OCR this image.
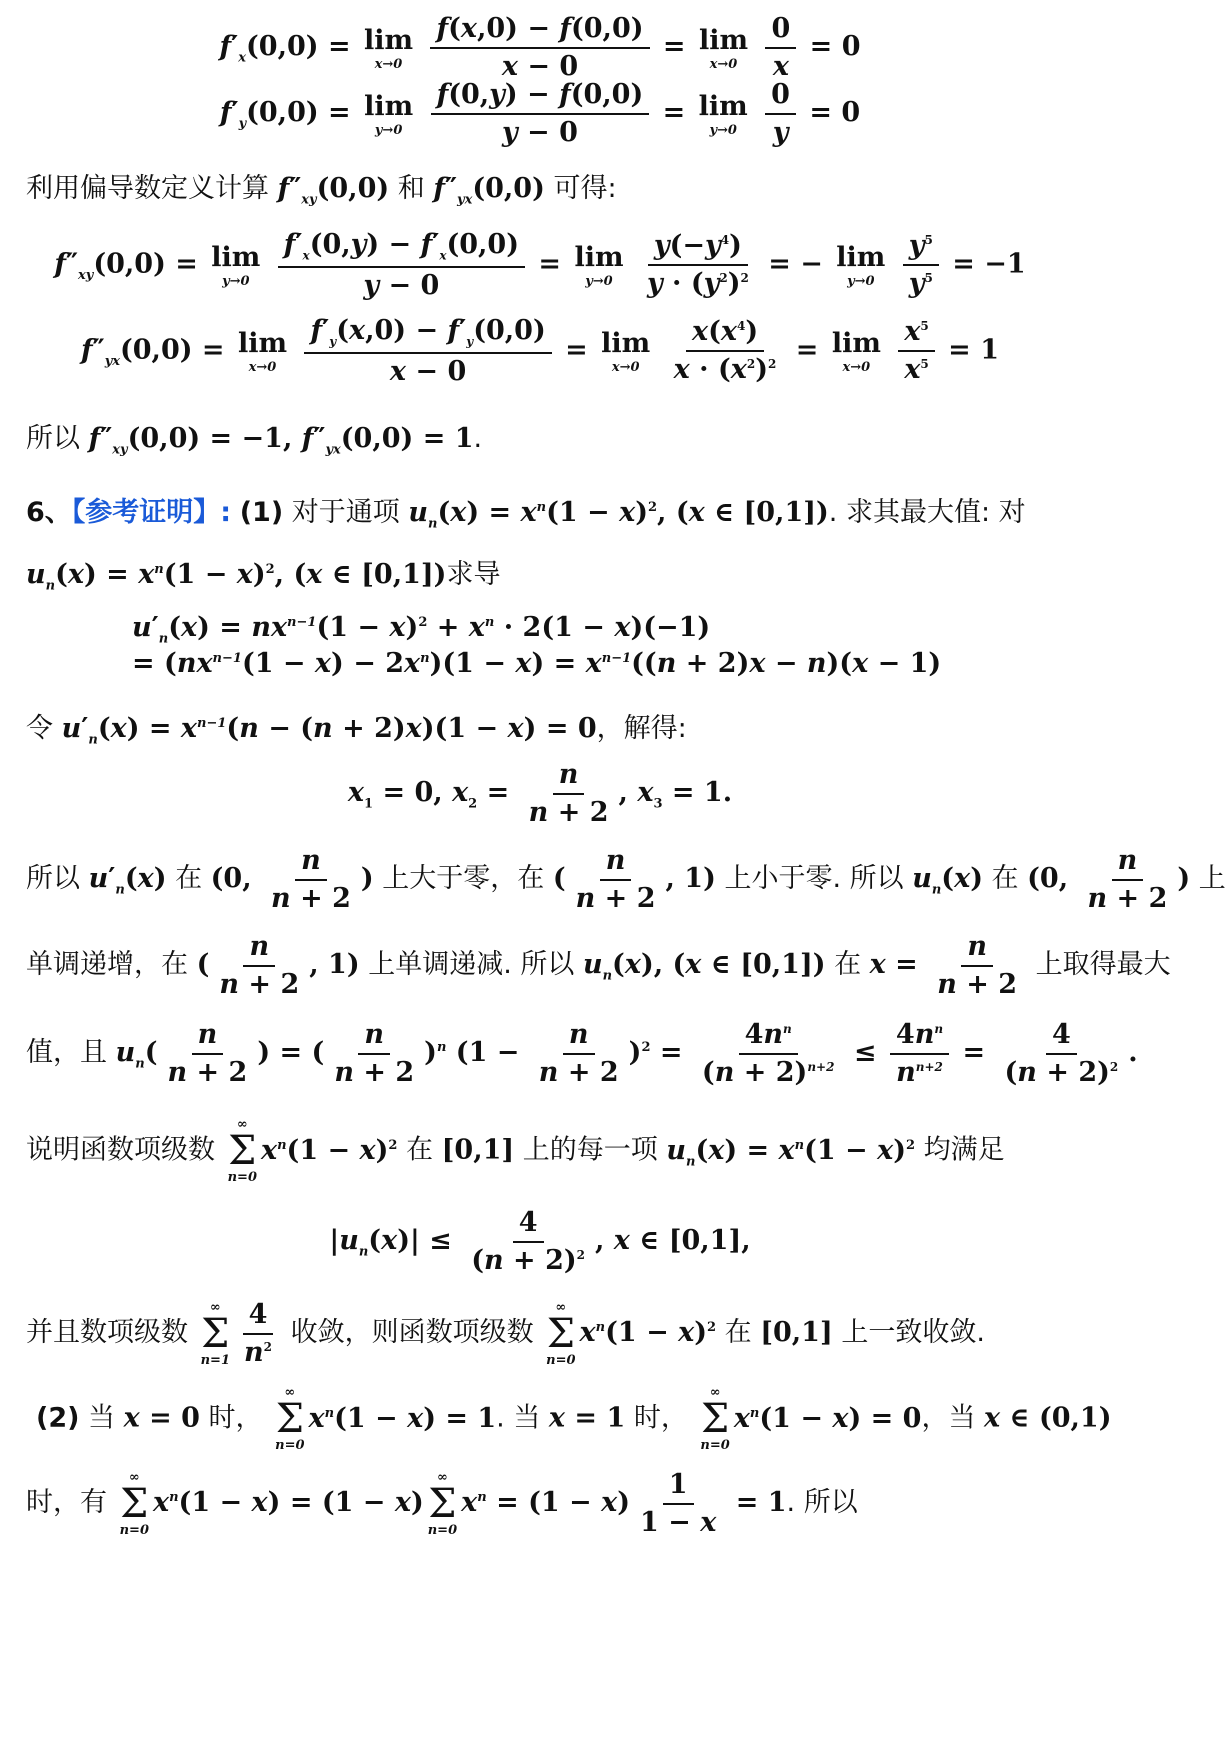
$f'_x(0,0) = \lim$
x→0
$\frac{f(x,0) - f(0,0)}{x - 0} = \lim$
x→0
$\frac{0}{x} = 0$
$f'_y(0,0) = \lim$
y→0
$\frac{f(0,y) - f(0,0)}{y - 0} = \lim$
y→0
$\frac{0}{y} = 0$
利用偏导数定义计算 $f''_{xy}(0,0)$ 和 $f''_{yx}(0,0)$ 可得:
$f''_{xy}(0,0) = \lim$
y→0
$\frac{f'_x(0,y) - f'_x(0,0)}{y - 0} = \lim$
y→0
$\frac{y(-y^4)}{y \cdot (y^2)^2}$ = − lim
y→0
$\frac{y^5}{y^5} = -1$
$f''_{yx}(0,0) = \lim$
x→0
$\frac{f'_y(x,0) - f'_y(0,0)}{x - 0} = \lim$
x→0
$\frac{x(x^4)}{x \cdot (x^2)^2} = \lim$
x→0
$\frac{x^5}{x^5} = 1$
所以 $f''_{xy}(0,0) = -1$, $f''_{yx}(0,0) = 1$.
6、【参考证明】: (1) 对于通项 $u_n(x) = x^n(1 - x)^2$, (x ∈ [0,1]). 求其最大值: 对
$u_n(x) = x^n(1 - x)^2$, (x ∈ [0,1])求导
$u'_n(x) = nx^{n-1}(1 - x)^2 + x^n \cdot 2(1 - x)(-1)$
= $(nx^{n-1}(1 - x) - 2x^n)(1 - x) = x^{n-1}((n + 2)x - n)(x - 1)$
令 $u'_n(x) = x^{n-1}(n - (n + 2)x)(1 - x) = 0$，解得:
$x_1 = 0$, $x_2 = \frac{n}{n + 2}$ , $x_3 = 1$.
所以 $u'_n(x)$ 在 (0, $\frac{n}{n + 2}$ ) 上大于零，在 ( $\frac{n}{n + 2}$ , 1) 上小于零. 所以 $u_n(x)$ 在 (0, $\frac{n}{n + 2}$ ) 上
单调递增，在 ( $\frac{n}{n + 2}$ , 1) 上单调递减. 所以 $u_n(x)$, (x ∈ [0,1]) 在 $x = \frac{n}{n + 2}$ 上取得最大
值，且 $u_n( \frac{n}{n + 2}$ ) = ( $\frac{n}{n + 2} )^n$ $(1 - \frac{n}{n + 2} )^2 = \frac{4n^n}{(n + 2)^{n+2}} \le \frac{4n^n}{n^{n+2}} = \frac{4}{(n + 2)^2}$ .
说明函数项级数
∞
Σ
n=0
$x^n(1 - x)^2$ 在 [0,1] 上的每一项 $u_n(x) = x^n(1 - x)^2$ 均满足
$|u_n(x)| \le \frac{4}{(n + 2)^2}$ , x ∈ [0,1],
并且数项级数
∞
Σ
$n=1 \frac{4}{n^2}$ 收敛，则函数项级数
∞
Σ
n=0
$x^n(1 - x)^2$ 在 [0,1] 上一致收敛.
(2) 当 x = 0 时，
∞
Σ
n=0
$x^n(1 - x) = 1$. 当 x = 1 时，
∞
Σ
n=0
$x^n(1 - x) = 0$，当 x ∈ (0,1)
时，有
∞
Σ
n=0
$x^n(1 - x) = (1 - x)$
∞
Σ
n=0
$x^n = (1 - x) \frac{1}{1 - x} = 1$. 所以
